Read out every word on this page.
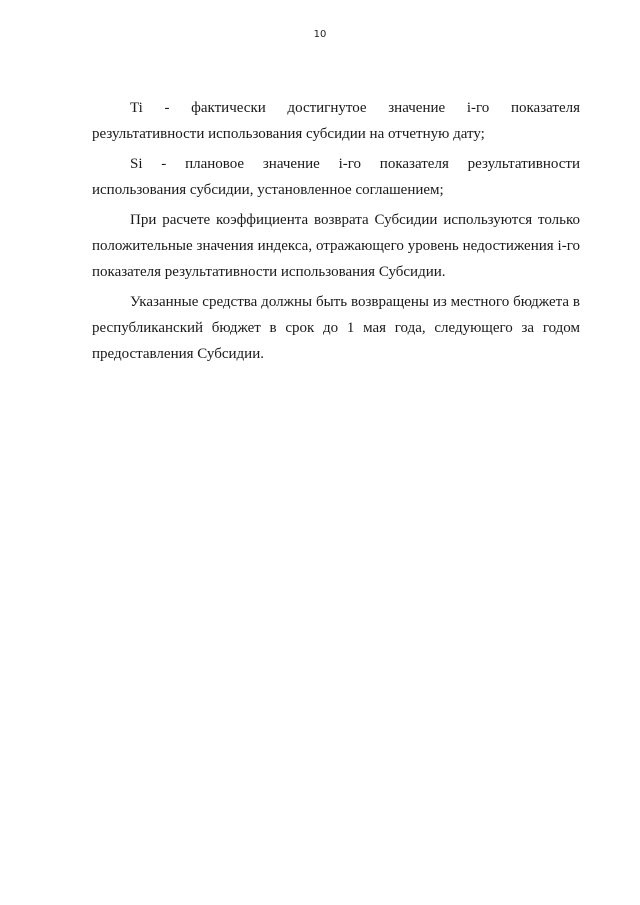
10

Ti - фактически достигнутое значение i-го показателя результативности использования субсидии на отчетную дату;

Si - плановое значение i-го показателя результативности использования субсидии, установленное соглашением;

При расчете коэффициента возврата Субсидии используются только положительные значения индекса, отражающего уровень недостижения i-го показателя результативности использования Субсидии.

Указанные средства должны быть возвращены из местного бюджета в республиканский бюджет в срок до 1 мая года, следующего за годом предоставления Субсидии.
